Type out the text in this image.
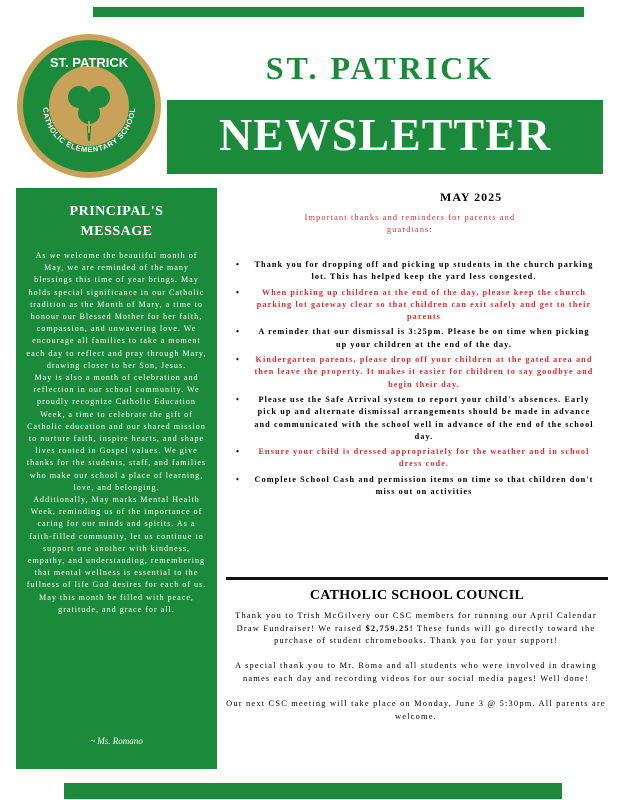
ST. PATRICK
CATHOLIC ELEMENTARY SCHOOL
ST. PATRICK
NEWSLETTER
PRINCIPAL'S
MESSAGE

As we welcome the beautiful month of May, we are reminded of the many blessings this time of year brings. May holds special significance in our Catholic tradition as the Month of Mary, a time to honour our Blessed Mother for her faith, compassion, and unwavering love. We encourage all families to take a moment each day to reflect and pray through Mary, drawing closer to her Son, Jesus.

May is also a month of celebration and reflection in our school community. We proudly recognize Catholic Education Week, a time to celebrate the gift of Catholic education and our shared mission to nurture faith, inspire hearts, and shape lives rooted in Gospel values. We give thanks for the students, staff, and families who make our school a place of learning, love, and belonging.

Additionally, May marks Mental Health Week, reminding us of the importance of caring for our minds and spirits. As a faith-filled community, let us continue to support one another with kindness, empathy, and understanding, remembering that mental wellness is essential to the fullness of life God desires for each of us.

May this month be filled with peace, gratitude, and grace for all.

~ Ms. Romano
MAY 2025
Important thanks and reminders for parents and guardians:
• Thank you for dropping off and picking up students in the church parking lot. This has helped keep the yard less congested.
•	When picking up children at the end of the day, please keep the church parking lot gateway clear so that children can exit safely and get to their parents
• A reminder that our dismissal is 3:25pm. Please be on time when picking up your children at the end of the day.
• Kindergarten parents, please drop off your children at the gated area and then leave the property. It makes it easier for children to say goodbye and begin their day.
• Please use the Safe Arrival system to report your child's absences. Early pick up and alternate dismissal arrangements should be made in advance and communicated with the school well in advance of the end of the school day.
• Ensure your child is dressed appropriately for the weather and in school dress code.
• Complete School Cash and permission items on time so that children don't miss out on activities
CATHOLIC SCHOOL COUNCIL

Thank you to Trish McGilvery our CSC members for running our April Calendar Draw Fundraiser! We raised $2,759.25! These funds will go directly toward the purchase of student chromebooks. Thank you for your support!

A special thank you to Mr. Roma and all students who were involved in drawing names each day and recording videos for our social media pages! Well done!

Our next CSC meeting will take place on Monday, June 3 @ 5:30pm. All parents are welcome.
